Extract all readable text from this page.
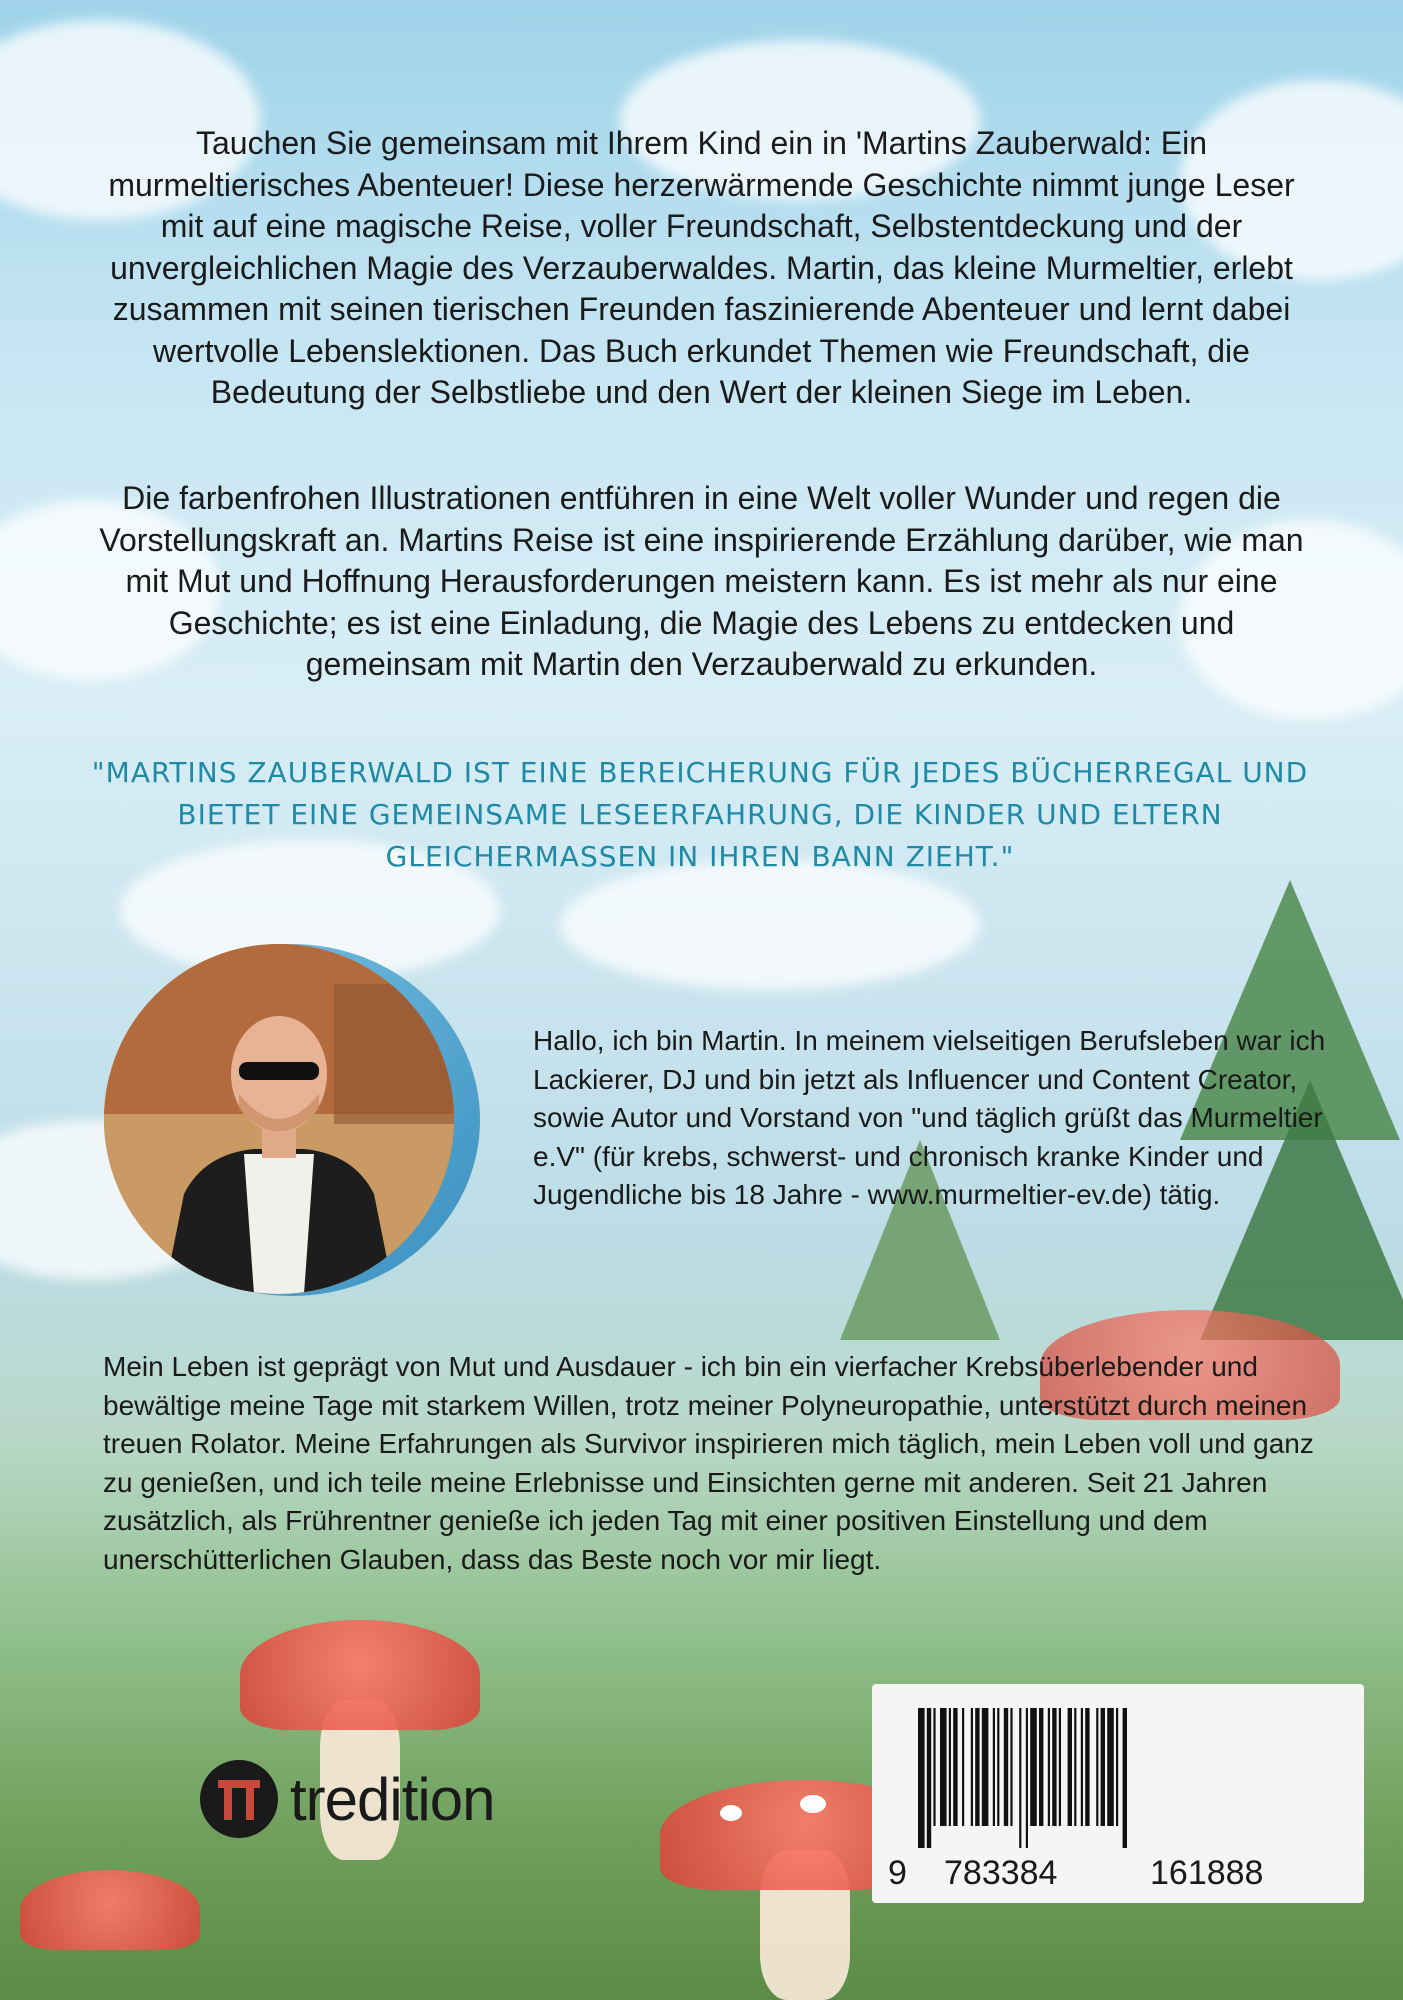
Tauchen Sie gemeinsam mit Ihrem Kind ein in 'Martins Zauberwald: Ein murmeltierisches Abenteuer! Diese herzerwärmende Geschichte nimmt junge Leser mit auf eine magische Reise, voller Freundschaft, Selbstentdeckung und der unvergleichlichen Magie des Verzauberwaldes. Martin, das kleine Murmeltier, erlebt zusammen mit seinen tierischen Freunden faszinierende Abenteuer und lernt dabei wertvolle Lebenslektionen. Das Buch erkundet Themen wie Freundschaft, die Bedeutung der Selbstliebe und den Wert der kleinen Siege im Leben.
Die farbenfrohen Illustrationen entführen in eine Welt voller Wunder und regen die Vorstellungskraft an. Martins Reise ist eine inspirierende Erzählung darüber, wie man mit Mut und Hoffnung Herausforderungen meistern kann. Es ist mehr als nur eine Geschichte; es ist eine Einladung, die Magie des Lebens zu entdecken und gemeinsam mit Martin den Verzauberwald zu erkunden.
"MARTINS ZAUBERWALD IST EINE BEREICHERUNG FÜR JEDES BÜCHERREGAL UND BIETET EINE GEMEINSAME LESEERFAHRUNG, DIE KINDER UND ELTERN GLEICHERMASSEN IN IHREN BANN ZIEHT."
Hallo, ich bin Martin. In meinem vielseitigen Berufsleben war ich Lackierer, DJ und bin jetzt als Influencer und Content Creator, sowie Autor und Vorstand von "und täglich grüßt das Murmeltier e.V" (für krebs, schwerst- und chronisch kranke Kinder und Jugendliche bis 18 Jahre - www.murmeltier-ev.de) tätig.
Mein Leben ist geprägt von Mut und Ausdauer - ich bin ein vierfacher Krebsüberlebender und bewältige meine Tage mit starkem Willen, trotz meiner Polyneuropathie, unterstützt durch meinen treuen Rolator. Meine Erfahrungen als Survivor inspirieren mich täglich, mein Leben voll und ganz zu genießen, und ich teile meine Erlebnisse und Einsichten gerne mit anderen. Seit 21 Jahren zusätzlich, als Frührentner genieße ich jeden Tag mit einer positiven Einstellung und dem unerschütterlichen Glauben, dass das Beste noch vor mir liegt.
tredition
9 783384	161888
